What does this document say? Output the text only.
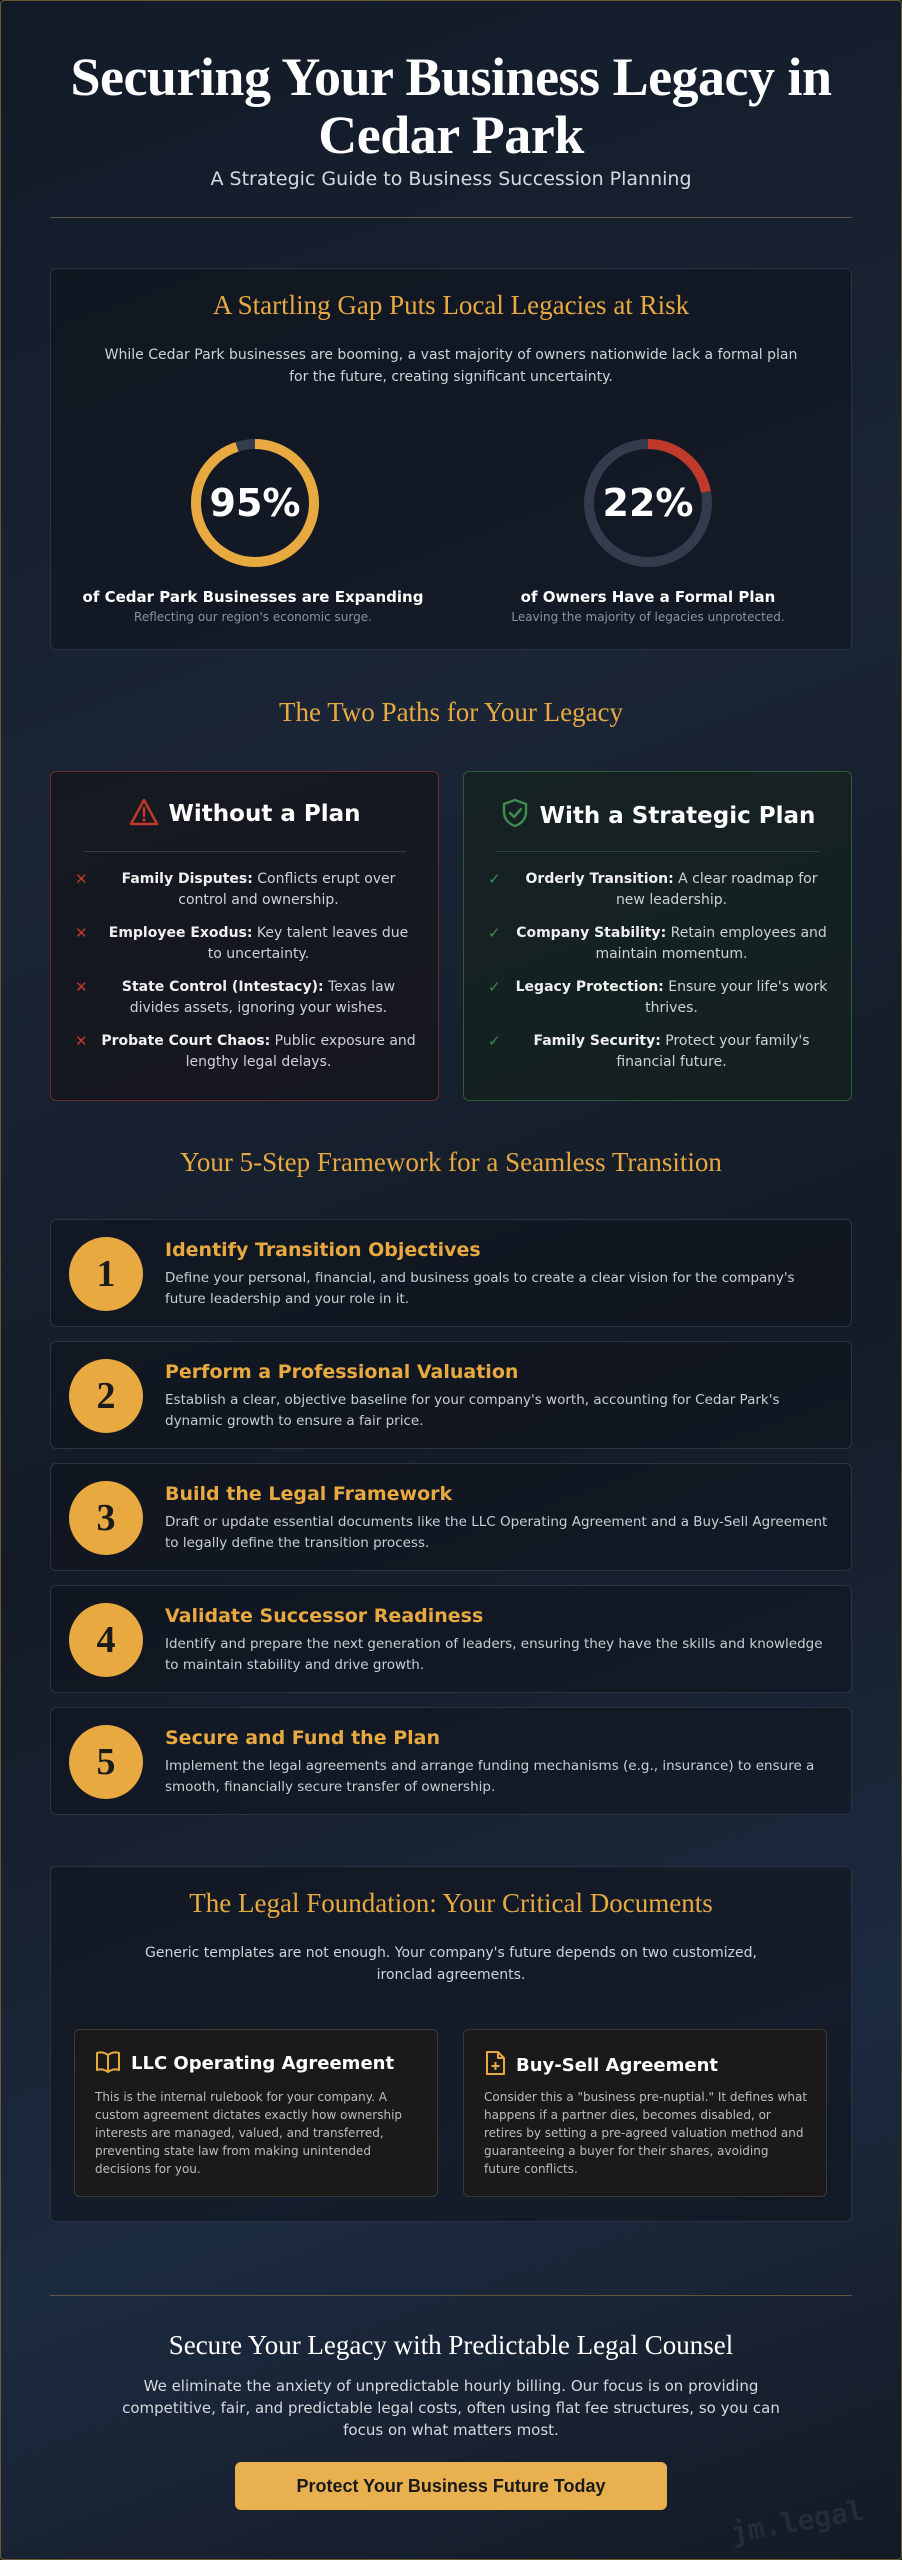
Securing Your Business Legacy in Cedar Park
A Strategic Guide to Business Succession Planning
A Startling Gap Puts Local Legacies at Risk
While Cedar Park businesses are booming, a vast majority of owners nationwide lack a formal plan for the future, creating significant uncertainty.
95%
of Cedar Park Businesses are Expanding
Reflecting our region's economic surge.
22%
of Owners Have a Formal Plan
Leaving the majority of legacies unprotected.
The Two Paths for Your Legacy
Without a Plan
✕	Family Disputes: Conflicts erupt over control and ownership.
✕	Employee Exodus: Key talent leaves due to uncertainty.
✕	State Control (Intestacy): Texas law divides assets, ignoring your wishes.
✕ Probate Court Chaos: Public exposure and lengthy legal delays.
With a Strategic Plan
✓	Orderly Transition: A clear roadmap for new leadership.
✓ Company Stability: Retain employees and maintain momentum.
✓ Legacy Protection: Ensure your life's work thrives.
✓	Family Security: Protect your family's financial future.
Your 5-Step Framework for a Seamless Transition
1
Identify Transition Objectives
Define your personal, financial, and business goals to create a clear vision for the company's future leadership and your role in it.
2
Perform a Professional Valuation
Establish a clear, objective baseline for your company's worth, accounting for Cedar Park's dynamic growth to ensure a fair price.
3
Build the Legal Framework
Draft or update essential documents like the LLC Operating Agreement and a Buy-Sell Agreement to legally define the transition process.
4
Validate Successor Readiness
Identify and prepare the next generation of leaders, ensuring they have the skills and knowledge to maintain stability and drive growth.
5
Secure and Fund the Plan
Implement the legal agreements and arrange funding mechanisms (e.g., insurance) to ensure a smooth, financially secure transfer of ownership.
The Legal Foundation: Your Critical Documents
Generic templates are not enough. Your company's future depends on two customized, ironclad agreements.
LLC Operating Agreement
This is the internal rulebook for your company. A custom agreement dictates exactly how ownership interests are managed, valued, and transferred, preventing state law from making unintended decisions for you.
Buy-Sell Agreement
Consider this a "business pre-nuptial." It defines what happens if a partner dies, becomes disabled, or retires by setting a pre-agreed valuation method and guaranteeing a buyer for their shares, avoiding future conflicts.
Secure Your Legacy with Predictable Legal Counsel
We eliminate the anxiety of unpredictable hourly billing. Our focus is on providing competitive, fair, and predictable legal costs, often using flat fee structures, so you can focus on what matters most.
Protect Your Business Future Today
jm.legal
